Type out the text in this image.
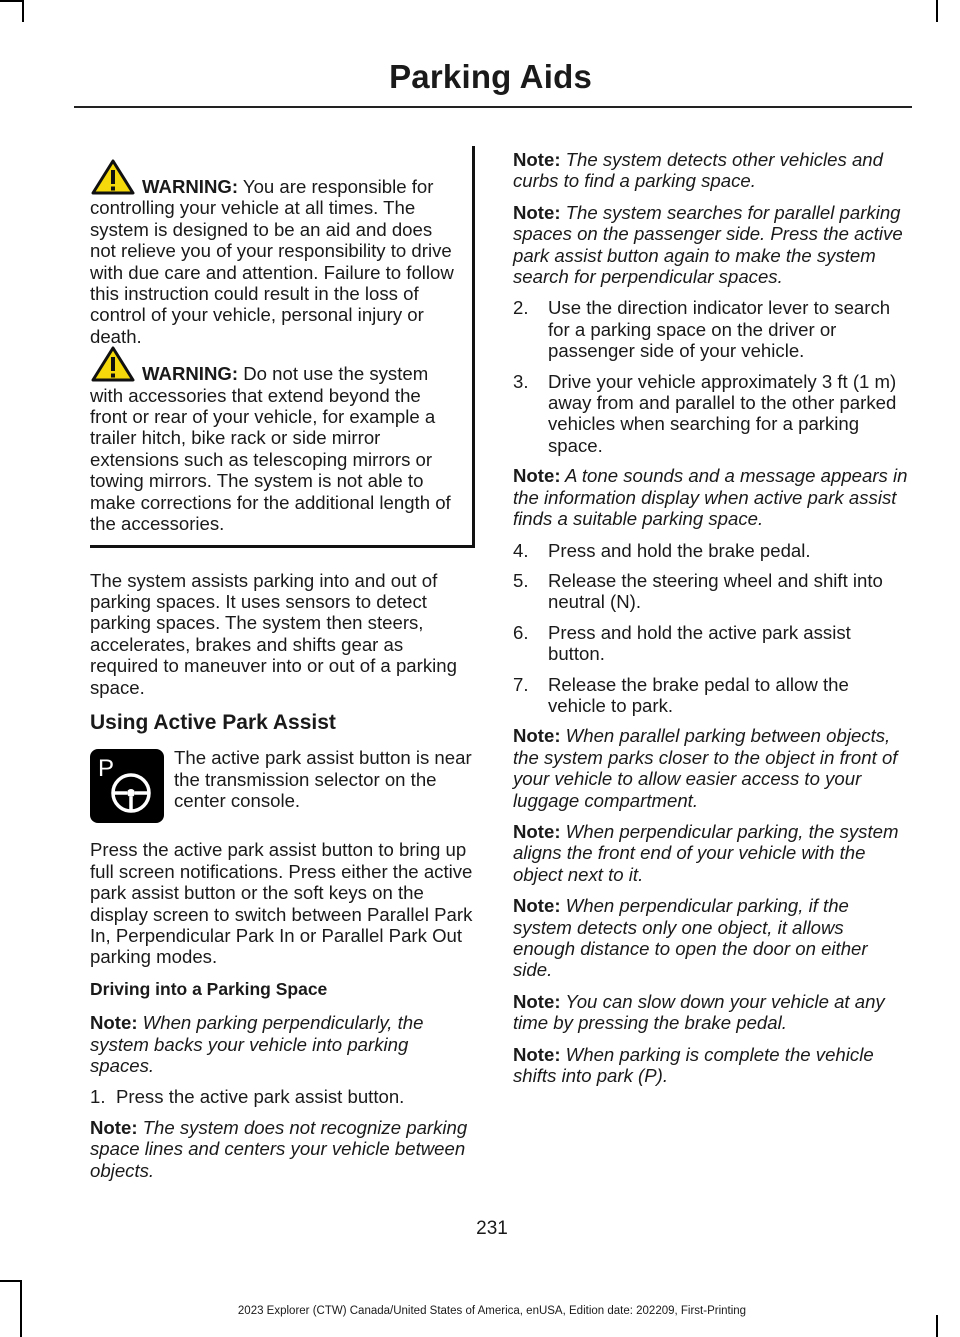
Parking Aids
WARNING: You are responsible for controlling your vehicle at all times. The system is designed to be an aid and does not relieve you of your responsibility to drive with due care and attention. Failure to follow this instruction could result in the loss of control of your vehicle, personal injury or death.
WARNING: Do not use the system with accessories that extend beyond the front or rear of your vehicle, for example a trailer hitch, bike rack or side mirror extensions such as telescoping mirrors or towing mirrors. The system is not able to make corrections for the additional length of the accessories.

The system assists parking into and out of parking spaces. It uses sensors to detect parking spaces. The system then steers, accelerates, brakes and shifts gear as required to maneuver into or out of a parking space.

Using Active Park Assist
P	The active park assist button is near the transmission selector on the center console.

Press the active park assist button to bring up full screen notifications. Press either the active park assist button or the soft keys on the display screen to switch between Parallel Park In, Perpendicular Park In or Parallel Park Out parking modes.

Driving into a Parking Space
Note: When parking perpendicularly, the system backs your vehicle into parking spaces.
1. Press the active park assist button.
Note: The system does not recognize parking space lines and centers your vehicle between objects.
Note: The system detects other vehicles and curbs to find a parking space.
Note: The system searches for parallel parking spaces on the passenger side. Press the active park assist button again to make the system search for perpendicular spaces.
2. Use the direction indicator lever to search for a parking space on the driver or passenger side of your vehicle.
3. Drive your vehicle approximately 3 ft (1 m) away from and parallel to the other parked vehicles when searching for a parking space.
Note: A tone sounds and a message appears in the information display when active park assist finds a suitable parking space.
4. Press and hold the brake pedal.
5. Release the steering wheel and shift into neutral (N).
6. Press and hold the active park assist button.
7. Release the brake pedal to allow the vehicle to park.
Note: When parallel parking between objects, the system parks closer to the object in front of your vehicle to allow easier access to your luggage compartment.
Note: When perpendicular parking, the system aligns the front end of your vehicle with the object next to it.
Note: When perpendicular parking, if the system detects only one object, it allows enough distance to open the door on either side.
Note: You can slow down your vehicle at any time by pressing the brake pedal.
Note: When parking is complete the vehicle shifts into park (P).
231
2023 Explorer (CTW) Canada/United States of America, enUSA, Edition date: 202209, First-Printing
